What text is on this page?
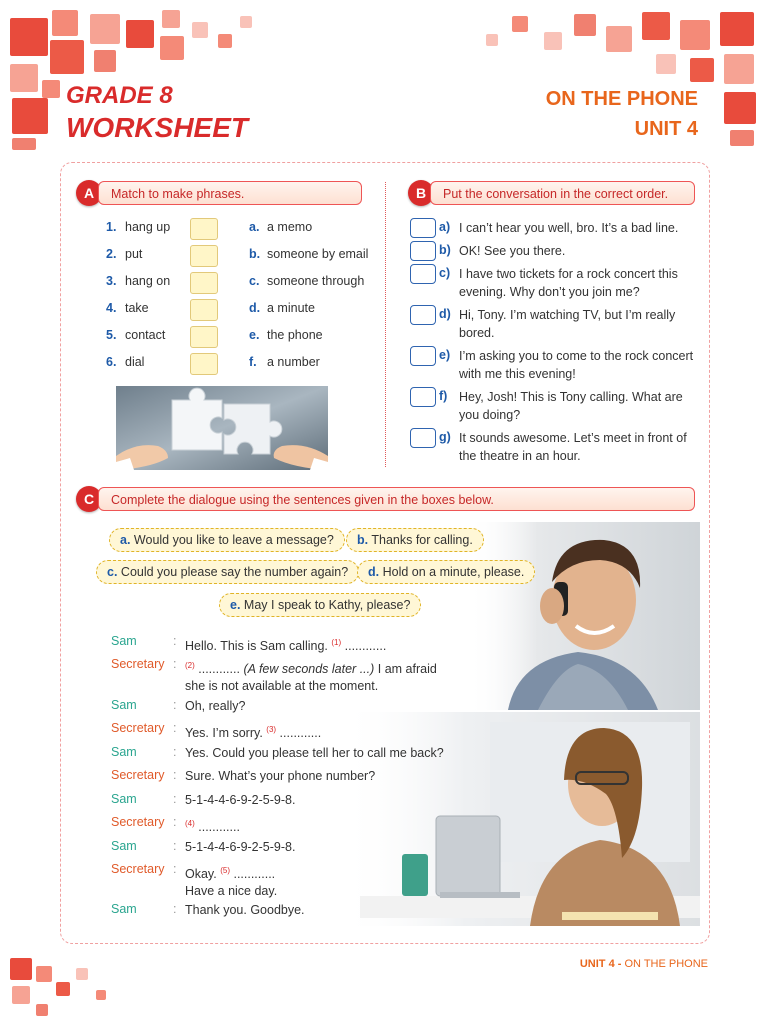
GRADE 8
WORKSHEET
ON THE PHONE
UNIT 4
A	Match to make phrases.
1. hang up
2. put
3. hang on
4. take
5. contact
6. dial
a. a memo
b. someone by email
c. someone through
d. a minute
e. the phone
f. a number
B	Put the conversation in the correct order.
a) I can’t hear you well, bro. It’s a bad line.
b) OK! See you there.
c) I have two tickets for a rock concert this evening. Why don’t you join me?
d) Hi, Tony. I’m watching TV, but I’m really bored.
e) I’m asking you to come to the rock concert with me this evening!
f) Hey, Josh! This is Tony calling. What are you doing?
g) It sounds awesome. Let’s meet in front of the theatre in an hour.
C	Complete the dialogue using the sentences given in the boxes below.
a. Would you like to leave a message?	b. Thanks for calling.
c. Could you please say the number again?	d. Hold on a minute, please.
e. May I speak to Kathy, please?
Sam	: Hello. This is Sam calling. $^{(1)}$ ............
Secretary : $^{(2)}$ ............ (A few seconds later ...) I am afraid
she is not available at the moment.
Sam	: Oh, really?
Secretary : Yes. I’m sorry. $^{(3)}$ ............
Sam	: Yes. Could you please tell her to call me back?
Secretary : Sure. What’s your phone number?
Sam	: 5-1-4-4-6-9-2-5-9-8.
Secretary : $^{(4)}$ ............
Sam	: 5-1-4-4-6-9-2-5-9-8.
Secretary : Okay. $^{(5)}$ ............
Have a nice day.
Sam	: Thank you. Goodbye.
UNIT 4 - ON THE PHONE
